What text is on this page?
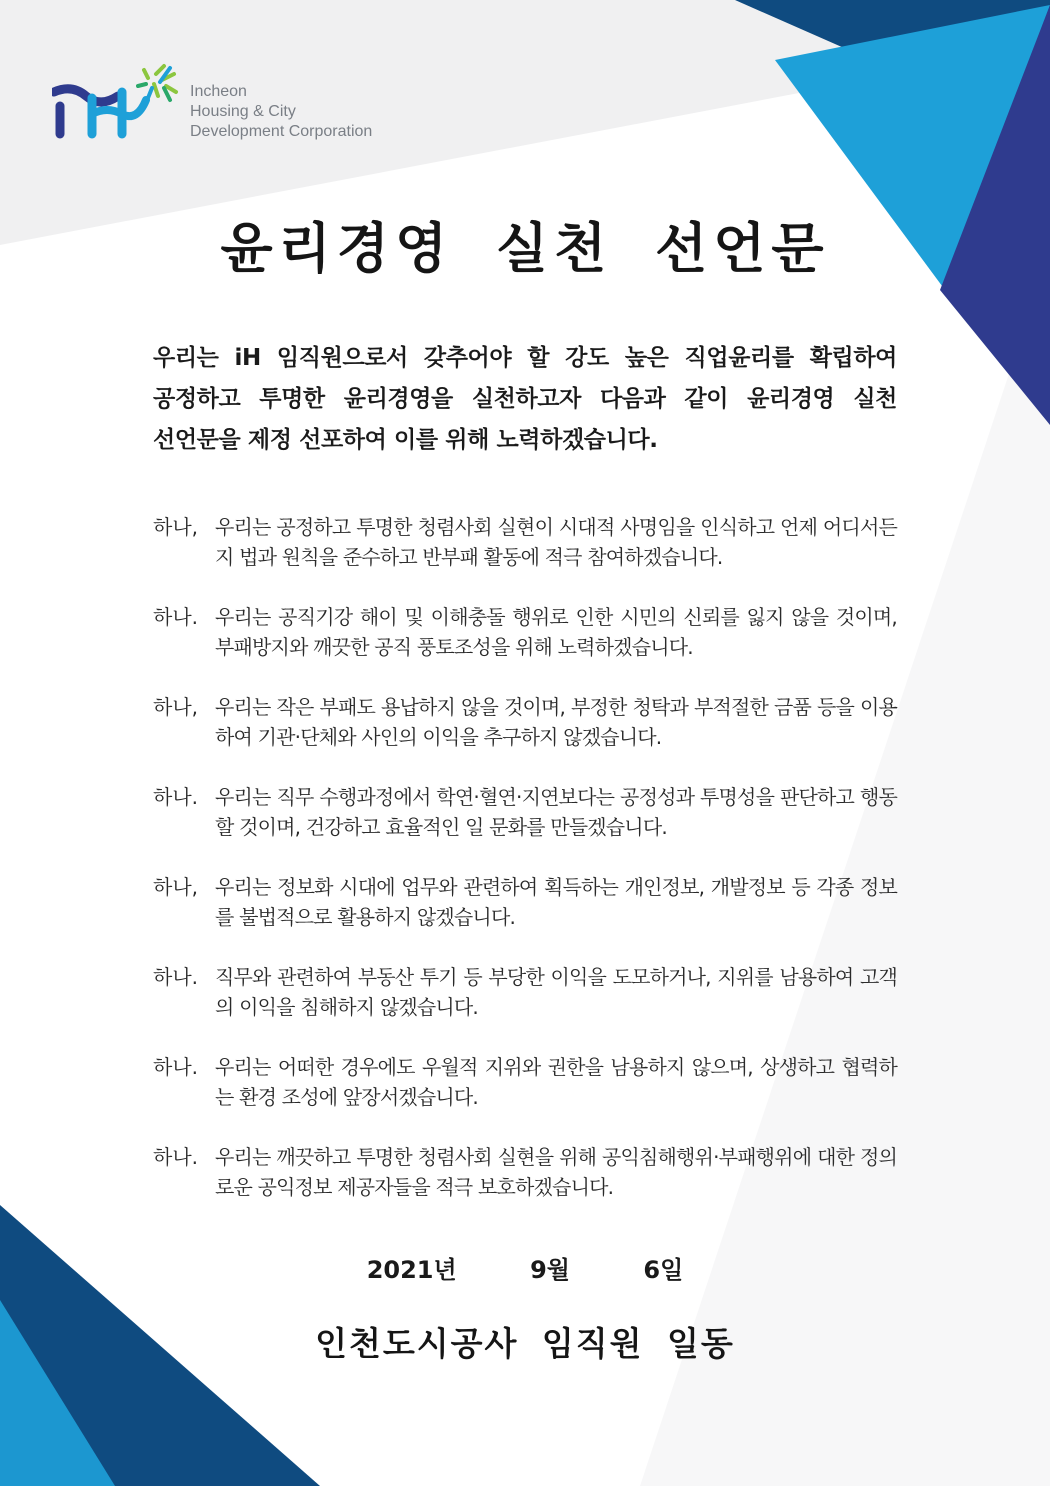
Incheon
Housing & City
Development Corporation
윤리경영 실천 선언문

우리는 iH 임직원으로서 갖추어야 할 강도 높은 직업윤리를 확립하여
공정하고 투명한 윤리경영을 실천하고자 다음과 같이 윤리경영 실천
선언문을 제정 선포하여 이를 위해 노력하겠습니다.

하나, 우리는 공정하고 투명한 청렴사회 실현이 시대적 사명임을 인식하고 언제 어디서든지 법과 원칙을 준수하고 반부패 활동에 적극 참여하겠습니다.
하나. 우리는 공직기강 해이 및 이해충돌 행위로 인한 시민의 신뢰를 잃지 않을 것이며, 부패방지와 깨끗한 공직 풍토조성을 위해 노력하겠습니다.
하나, 우리는 작은 부패도 용납하지 않을 것이며, 부정한 청탁과 부적절한 금품 등을 이용하여 기관·단체와 사인의 이익을 추구하지 않겠습니다.
하나. 우리는 직무 수행과정에서 학연·혈연·지연보다는 공정성과 투명성을 판단하고 행동할 것이며, 건강하고 효율적인 일 문화를 만들겠습니다.
하나, 우리는 정보화 시대에 업무와 관련하여 획득하는 개인정보, 개발정보 등 각종 정보를 불법적으로 활용하지 않겠습니다.
하나. 직무와 관련하여 부동산 투기 등 부당한 이익을 도모하거나, 지위를 남용하여 고객의 이익을 침해하지 않겠습니다.
하나. 우리는 어떠한 경우에도 우월적 지위와 권한을 남용하지 않으며, 상생하고 협력하는 환경 조성에 앞장서겠습니다.
하나. 우리는 깨끗하고 투명한 청렴사회 실현을 위해 공익침해행위·부패행위에 대한 정의로운 공익정보 제공자들을 적극 보호하겠습니다.
2021년    9월    6일
인천도시공사 임직원 일동
